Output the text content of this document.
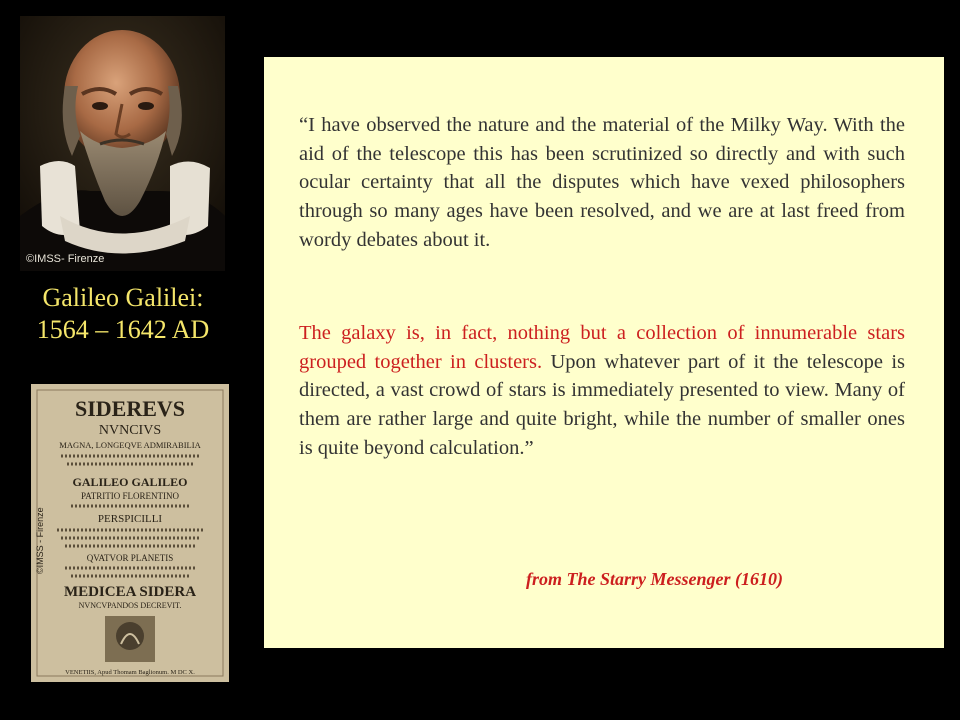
©IMSS- Firenze
Galileo Galilei:
1564 – 1642 AD
SIDEREVS
NVNCIVS
MAGNA, LONGEQVE ADMIRABILIA
GALILEO GALILEO
PATRITIO FLORENTINO
PERSPICILLI
QVATVOR PLANETIS
MEDICEA SIDERA
NVNCVPANDOS DECREVIT.
VENETIIS, Apud Thomam Baglionum. M DC X.
©IMSS - Firenze

“I have observed the nature and the material of the Milky Way. With the aid of the telescope this has been scrutinized so directly and with such ocular certainty that all the disputes which have vexed philosophers through so many ages have been resolved, and we are at last freed from wordy debates about it.

The galaxy is, in fact, nothing but a collection of innumerable stars grouped together in clusters. Upon whatever part of it the telescope is directed, a vast crowd of stars is immediately presented to view. Many of them are rather large and quite bright, while the number of smaller ones is quite beyond calculation.”

from The Starry Messenger (1610)
